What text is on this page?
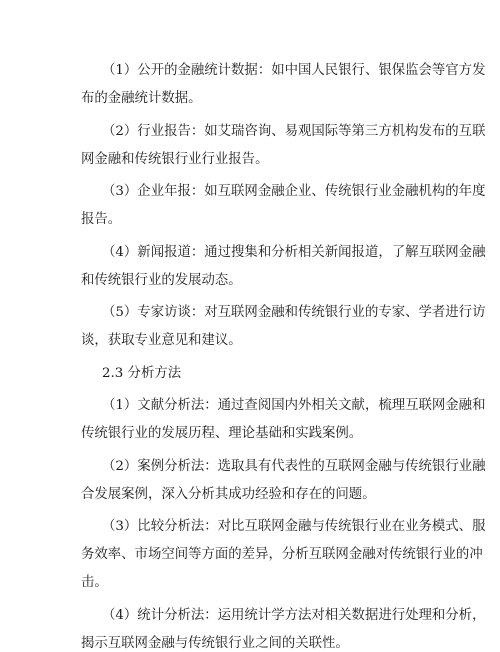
（1）公开的金融统计数据：如中国人民银行、银保监会等官方发
布的金融统计数据。
（2）行业报告：如艾瑞咨询、易观国际等第三方机构发布的互联
网金融和传统银行业行业报告。
（3）企业年报：如互联网金融企业、传统银行业金融机构的年度
报告。
（4）新闻报道：通过搜集和分析相关新闻报道，了解互联网金融
和传统银行业的发展动态。
（5）专家访谈：对互联网金融和传统银行业的专家、学者进行访
谈，获取专业意见和建议。
2.3 分析方法
（1）文献分析法：通过查阅国内外相关文献，梳理互联网金融和
传统银行业的发展历程、理论基础和实践案例。
（2）案例分析法：选取具有代表性的互联网金融与传统银行业融
合发展案例，深入分析其成功经验和存在的问题。
（3）比较分析法：对比互联网金融与传统银行业在业务模式、服
务效率、市场空间等方面的差异，分析互联网金融对传统银行业的冲
击。
（4）统计分析法：运用统计学方法对相关数据进行处理和分析，
揭示互联网金融与传统银行业之间的关联性。
